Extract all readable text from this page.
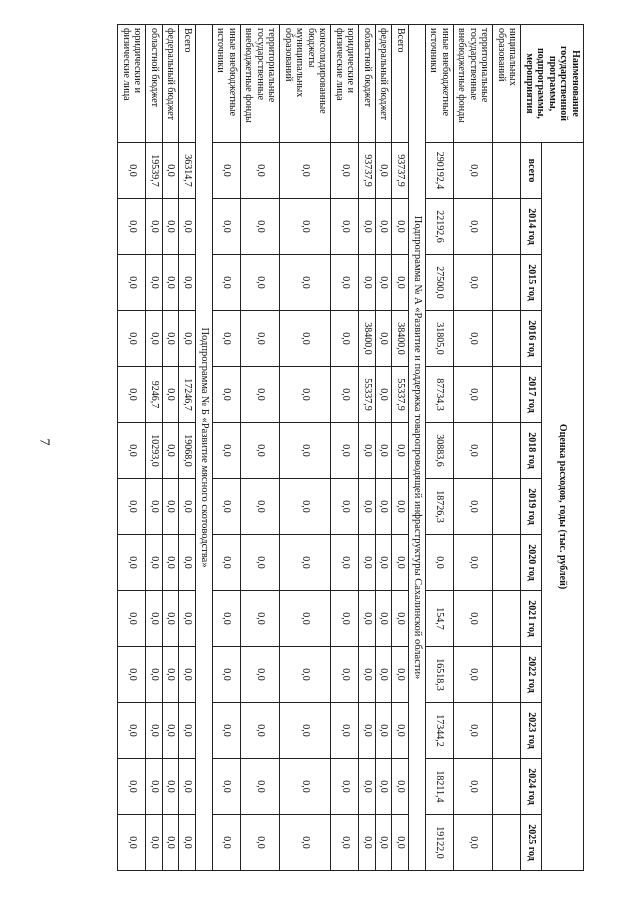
7
Наименование государственной программы, подпрограммы, мероприятия	Оценка расходов, годы (тыс. рублей)												
	всего	2014 год	2015 год	2016 год	2017 год	2018 год	2019 год	2020 год	2021 год	2022 год	2023 год	2024 год	2025 год
ниципальных образований													
территориальные государственные внебюджетные фонды	0,0	0,0	0,0	0,0	0,0	0,0	0,0	0,0	0,0	0,0	0,0	0,0	0,0
иные внебюджетные источники	290192,4	22192,6	27500,0	31805,0	87734,3	30883,6	18726,3	0,0	154,7	16518,3	17344,2	18211,4	19122,0
Подпрограмма № А «Развитие и поддержка товаропроводящей инфраструктуры Сахалинской области»													
Всего	93737,9	0,0	0,0	38400,0	55337,9	0,0	0,0	0,0	0,0	0,0	0,0	0,0	0,0
федеральный бюджет	0,0	0,0	0,0	0,0	0,0	0,0	0,0	0,0	0,0	0,0	0,0	0,0	0,0
областной бюджет	93737,9	0,0	0,0	38400,0	55337,9	0,0	0,0	0,0	0,0	0,0	0,0	0,0	0,0
юридические и физические лица	0,0	0,0	0,0	0,0	0,0	0,0	0,0	0,0	0,0	0,0	0,0	0,0	0,0
консолидированные бюджеты муниципальных образований	0,0	0,0	0,0	0,0	0,0	0,0	0,0	0,0	0,0	0,0	0,0	0,0	0,0
территориальные государственные внебюджетные фонды	0,0	0,0	0,0	0,0	0,0	0,0	0,0	0,0	0,0	0,0	0,0	0,0	0,0
иные внебюджетные источники	0,0	0,0	0,0	0,0	0,0	0,0	0,0	0,0	0,0	0,0	0,0	0,0	0,0
Подпрограмма № Б «Развитие мясного скотоводства»													
Всего	36314,7	0,0	0,0	0,0	17246,7	19068,0	0,0	0,0	0,0	0,0	0,0	0,0	0,0
федеральный бюджет	0,0	0,0	0,0	0,0	0,0	0,0	0,0	0,0	0,0	0,0	0,0	0,0	0,0
областной бюджет	19539,7	0,0	0,0	0,0	9246,7	10293,0	0,0	0,0	0,0	0,0	0,0	0,0	0,0
юридические и физические лица	0,0	0,0	0,0	0,0	0,0	0,0	0,0	0,0	0,0	0,0	0,0	0,0	0,0
